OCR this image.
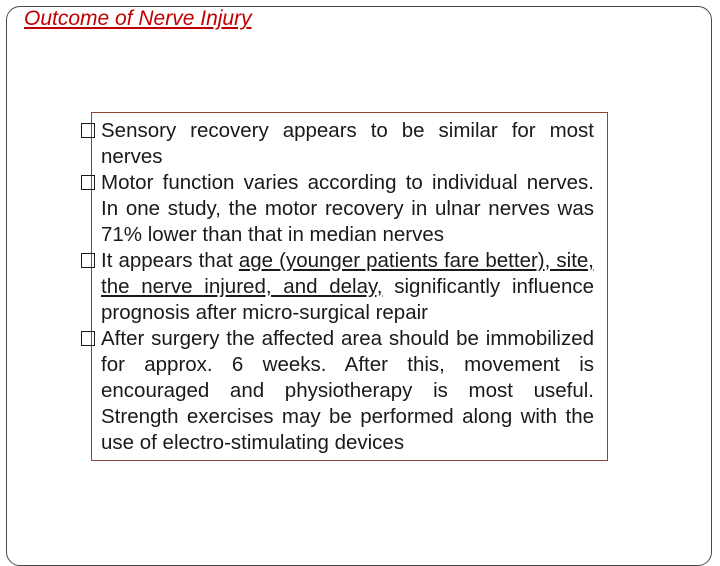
Outcome of Nerve Injury
Sensory recovery appears to be similar for most nerves
Motor function varies according to individual nerves. In one study, the motor recovery in ulnar nerves was 71% lower than that in median nerves
It appears that age (younger patients fare better), site, the nerve injured, and delay, significantly influence prognosis after micro-surgical repair
After surgery the affected area should be immobilized for approx. 6 weeks. After this, movement is encouraged and physiotherapy is most useful. Strength exercises may be performed along with the use of electro-stimulating devices
